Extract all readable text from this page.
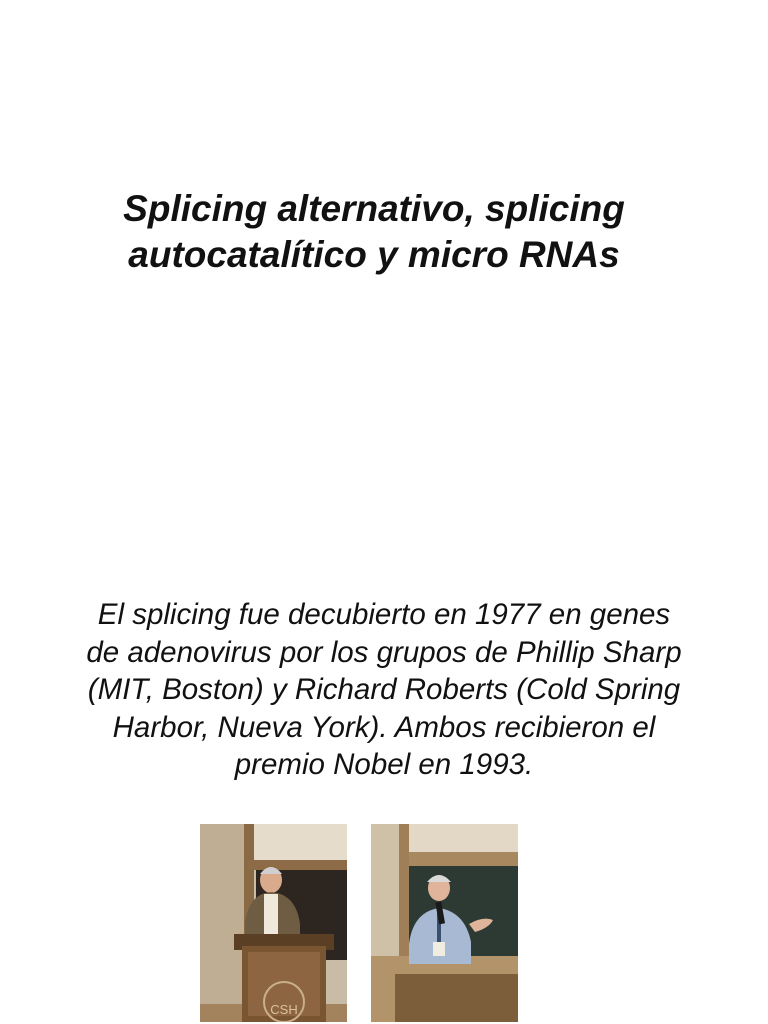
Splicing alternativo, splicing
autocatalítico y micro RNAs

El splicing fue decubierto en 1977 en genes
de adenovirus por los grupos de Phillip Sharp
(MIT, Boston) y Richard Roberts (Cold Spring
Harbor, Nueva York). Ambos recibieron el
premio Nobel en 1993.

CSH
